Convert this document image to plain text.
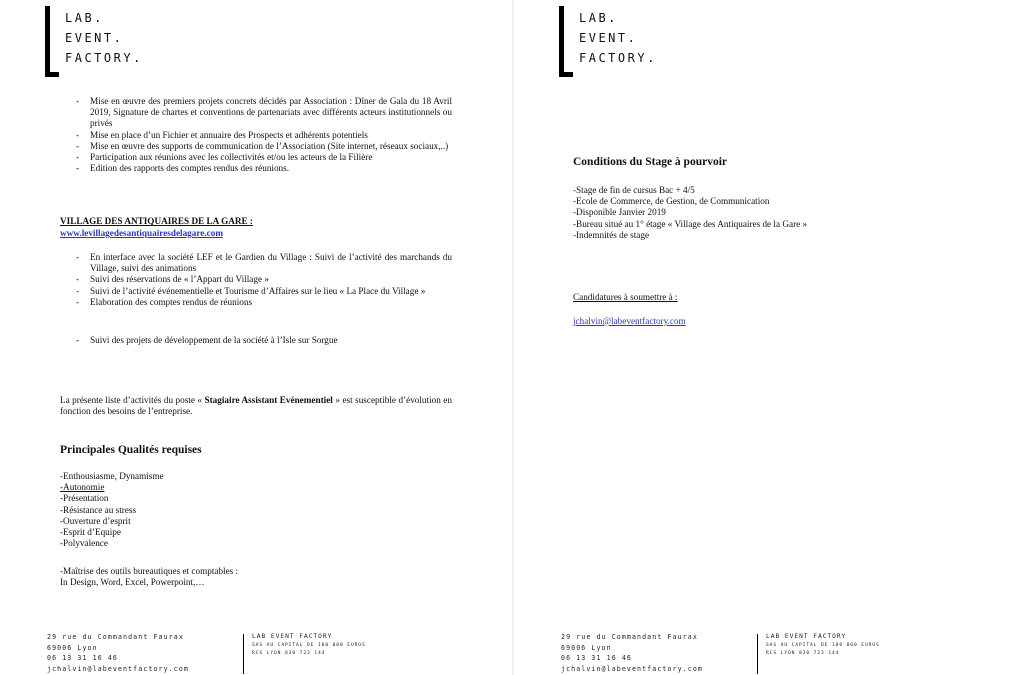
LAB.
EVENT.
FACTORY.
- Mise en œuvre des premiers projets concrets décidés par Association : Dîner de Gala du 18 Avril 2019, Signature de chartes et conventions de partenariats avec différents acteurs institutionnels ou privés
- Mise en place d’un Fichier et annuaire des Prospects et adhérents potentiels
- Mise en œuvre des supports de communication de l’Association (Site internet, réseaux sociaux,..)
- Participation aux réunions avec les collectivités et/ou les acteurs de la Filière
- Edition des rapports des comptes rendus des réunions.
VILLAGE DES ANTIQUAIRES DE LA GARE :
www.levillagedesantiquairesdelagare.com
- En interface avec la société LEF et le Gardien du Village : Suivi de l’activité des marchands du Village, suivi des animations
- Suivi des réservations de « l’Appart du Village »
- Suivi de l’activité événementielle et Tourisme d’Affaires sur le lieu « La Place du Village »
- Elaboration des comptes rendus de réunions
- Suivi des projets de développement de la société à l’Isle sur Sorgue
La présente liste d’activités du poste « Stagiaire Assistant Evénementiel » est susceptible d’évolution en fonction des besoins de l’entreprise.
Principales Qualités requises
-Enthousiasme, Dynamisme
-Autonomie
-Présentation
-Résistance au stress
-Ouverture d’esprit
-Esprit d’Equipe
-Polyvalence
-Maîtrise des outils bureautiques et comptables :
In Design, Word, Excel, Powerpoint,…
29 rue du Commandant Faurax
69006 Lyon
06 13 31 16 46
jchalvin@labeventfactory.com
LAB EVENT FACTORY
SAS AU CAPITAL DE 100 000 EUROS
RCS LYON 830 723 144
LAB.
EVENT.
FACTORY.
Conditions du Stage à pourvoir
-Stage de fin de cursus Bac + 4/5
-Ecole de Commerce, de Gestion, de Communication
-Disponible Janvier 2019
-Bureau situé au 1° étage « Village des Antiquaires de la Gare »
-Indemnités de stage
Candidatures à soumettre à :
jchalvin@labeventfactory.com
29 rue du Commandant Faurax
69006 Lyon
06 13 31 16 46
jchalvin@labeventfactory.com
LAB EVENT FACTORY
SAS AU CAPITAL DE 100 000 EUROS
RCS LYON 830 723 144
